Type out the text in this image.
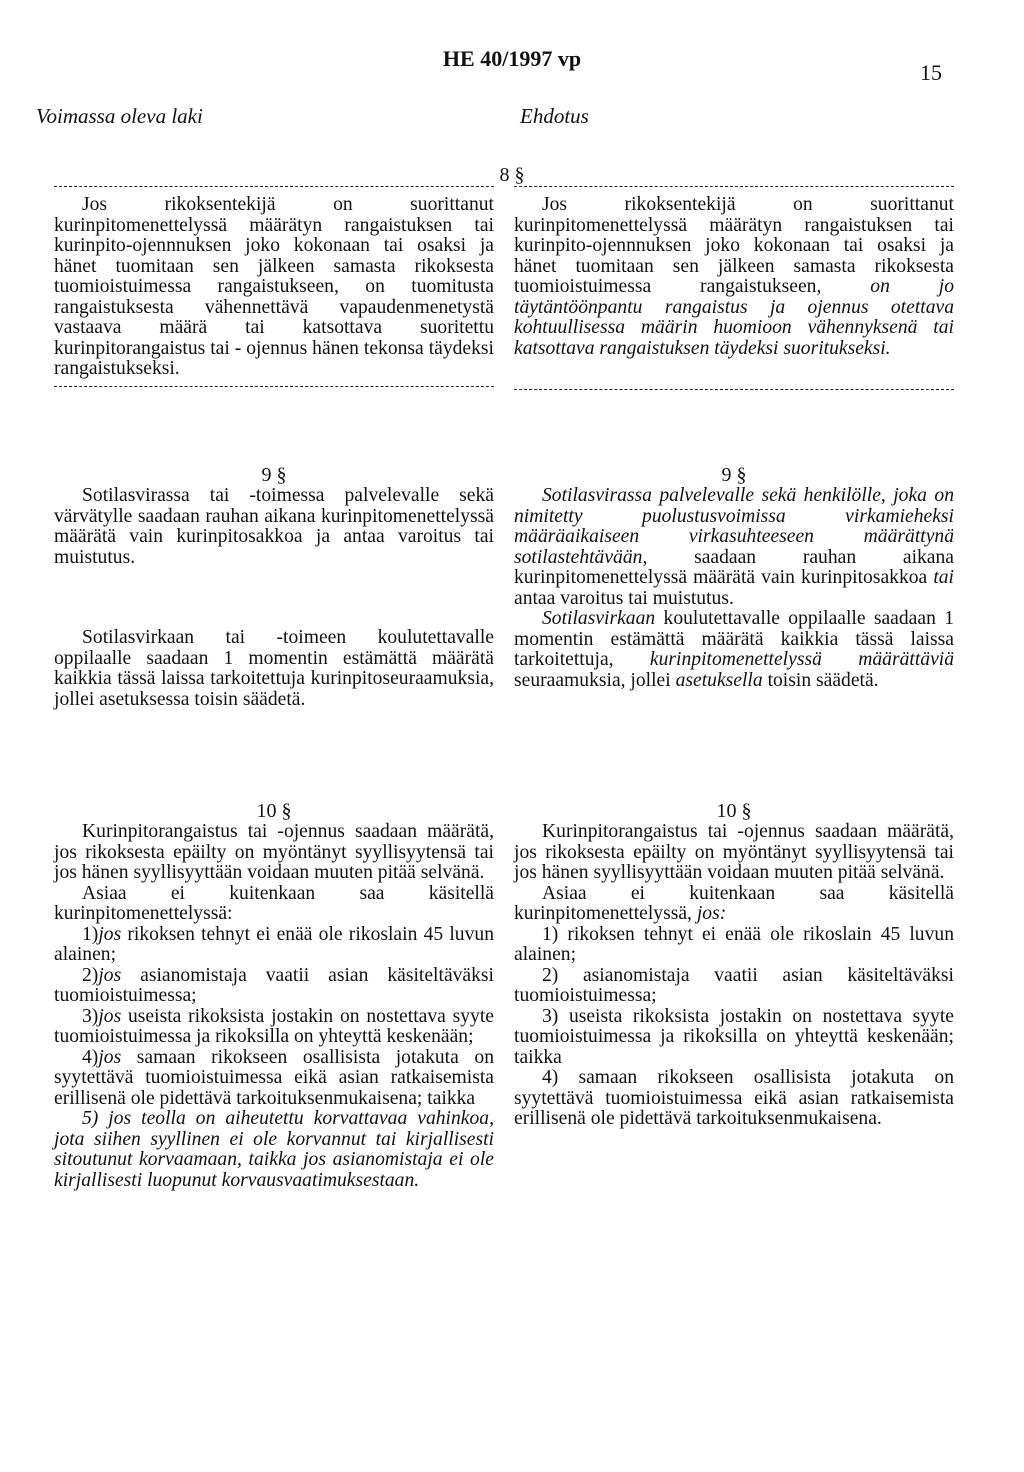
HE 40/1997 vp
15
Voimassa oleva laki	Ehdotus
8 §

Jos rikoksentekijä on suorittanut kurinpitomenettelyssä määrätyn rangaistuksen tai kurinpito-ojennnuksen joko kokonaan tai osaksi ja hänet tuomitaan sen jälkeen samasta rikoksesta tuomioistuimessa rangaistukseen, on tuomitusta rangaistuksesta vähennettävä vapaudenmenetystä vastaava määrä tai katsottava suoritettu kurinpitorangaistus tai - ojennus hänen tekonsa täydeksi rangaistukseksi.

Jos rikoksentekijä on suorittanut kurinpitomenettelyssä määrätyn rangaistuksen tai kurinpito-ojennnuksen joko kokonaan tai osaksi ja hänet tuomitaan sen jälkeen samasta rikoksesta tuomioistuimessa rangaistukseen, on jo täytäntöönpantu rangaistus ja ojennus otettava kohtuullisessa määrin huomioon vähennyksenä tai katsottava rangaistuksen täydeksi suoritukseksi.

9 §

Sotilasvirassa tai -toimessa palvelevalle sekä värvätylle saadaan rauhan aikana kurinpitomenettelyssä määrätä vain kurinpitosakkoa ja antaa varoitus tai muistutus.

Sotilasvirkaan tai -toimeen koulutettavalle oppilaalle saadaan 1 momentin estämättä määrätä kaikkia tässä laissa tarkoitettuja kurinpitoseuraamuksia, jollei asetuksessa toisin säädetä.

9 §

Sotilasvirassa palvelevalle sekä henkilölle, joka on nimitetty puolustusvoimissa virkamieheksi määräaikaiseen virkasuhteeseen määrättynä sotilastehtävään, saadaan rauhan aikana kurinpitomenettelyssä määrätä vain kurinpitosakkoa tai antaa varoitus tai muistutus.

Sotilasvirkaan koulutettavalle oppilaalle saadaan 1 momentin estämättä määrätä kaikkia tässä laissa tarkoitettuja, kurinpitomenettelyssä määrättäviä seuraamuksia, jollei asetuksella toisin säädetä.

10 §

Kurinpitorangaistus tai -ojennus saadaan määrätä, jos rikoksesta epäilty on myöntänyt syyllisyytensä tai jos hänen syyllisyyttään voidaan muuten pitää selvänä.

Asiaa ei kuitenkaan saa käsitellä kurinpitomenettelyssä:

1)jos rikoksen tehnyt ei enää ole rikoslain 45 luvun alainen;

2)jos asianomistaja vaatii asian käsiteltäväksi tuomioistuimessa;

3)jos useista rikoksista jostakin on nostettava syyte tuomioistuimessa ja rikoksilla on yhteyttä keskenään;

4)jos samaan rikokseen osallisista jotakuta on syytettävä tuomioistuimessa eikä asian ratkaisemista erillisenä ole pidettävä tarkoituksenmukaisena; taikka

5) jos teolla on aiheutettu korvattavaa vahinkoa, jota siihen syyllinen ei ole korvannut tai kirjallisesti sitoutunut korvaamaan, taikka jos asianomistaja ei ole kirjallisesti luopunut korvausvaatimuksestaan.

10 §

Kurinpitorangaistus tai -ojennus saadaan määrätä, jos rikoksesta epäilty on myöntänyt syyllisyytensä tai jos hänen syyllisyyttään voidaan muuten pitää selvänä.

Asiaa ei kuitenkaan saa käsitellä kurinpitomenettelyssä, jos:

1) rikoksen tehnyt ei enää ole rikoslain 45 luvun alainen;

2) asianomistaja vaatii asian käsiteltäväksi tuomioistuimessa;

3) useista rikoksista jostakin on nostettava syyte tuomioistuimessa ja rikoksilla on yhteyttä keskenään; taikka

4) samaan rikokseen osallisista jotakuta on syytettävä tuomioistuimessa eikä asian ratkaisemista erillisenä ole pidettävä tarkoituksenmukaisena.
